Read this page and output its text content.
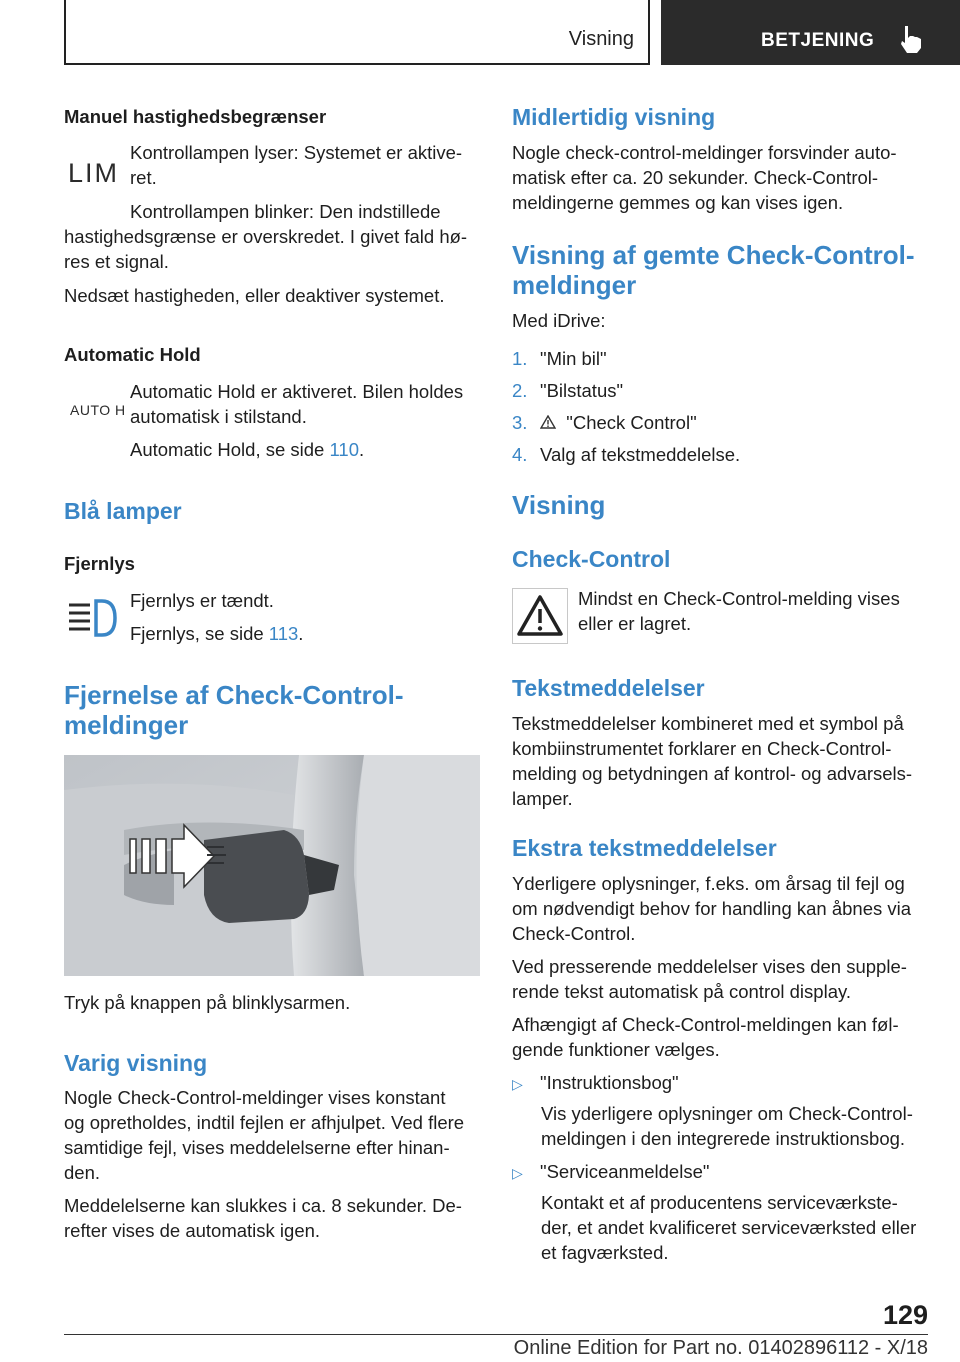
Visning	BETJENING
Manuel hastighedsbegrænser
LIM
Kontrollampen lyser: Systemet er aktive‐
ret.
Kontrollampen blinker: Den indstillede
hastighedsgrænse er overskredet. I givet fald hø‐
res et signal.
Nedsæt hastigheden, eller deaktiver systemet.
Automatic Hold
AUTO H
Automatic Hold er aktiveret. Bilen holdes
automatisk i stilstand.
Automatic Hold, se side 110.
Blå lamper
Fjernlys
Fjernlys er tændt.
Fjernlys, se side 113.
Fjernelse af Check-Control-
meldinger
Tryk på knappen på blinklysarmen.
Varig visning
Nogle Check-Control-meldinger vises konstant
og opretholdes, indtil fejlen er afhjulpet. Ved flere
samtidige fejl, vises meddelelserne efter hinan‐
den.
Meddelelserne kan slukkes i ca. 8 sekunder. De‐
refter vises de automatisk igen.
Midlertidig visning
Nogle check-control-meldinger forsvinder auto‐
matisk efter ca. 20 sekunder. Check-Control-
meldingerne gemmes og kan vises igen.
Visning af gemte Check-Control-
meldinger
Med iDrive:
1. "Min bil"
2. "Bilstatus"
3. "Check Control"
4. Valg af tekstmeddelelse.
Visning
Check-Control
Mindst en Check-Control-melding vises
eller er lagret.
Tekstmeddelelser
Tekstmeddelelser kombineret med et symbol på
kombiinstrumentet forklarer en Check-Control-
melding og betydningen af kontrol- og advarsels-
lamper.
Ekstra tekstmeddelelser
Yderligere oplysninger, f.eks. om årsag til fejl og
om nødvendigt behov for handling kan åbnes via
Check-Control.
Ved presserende meddelelser vises den supple‐
rende tekst automatisk på control display.
Afhængigt af Check-Control-meldingen kan føl‐
gende funktioner vælges.
▷ "Instruktionsbog"
Vis yderligere oplysninger om Check-Control-
meldingen i den integrerede instruktionsbog.
▷ "Serviceanmeldelse"
Kontakt et af producentens serviceværkste‐
der, et andet kvalificeret serviceværksted eller
et fagværksted.
129
Online Edition for Part no. 01402896112 - X/18
